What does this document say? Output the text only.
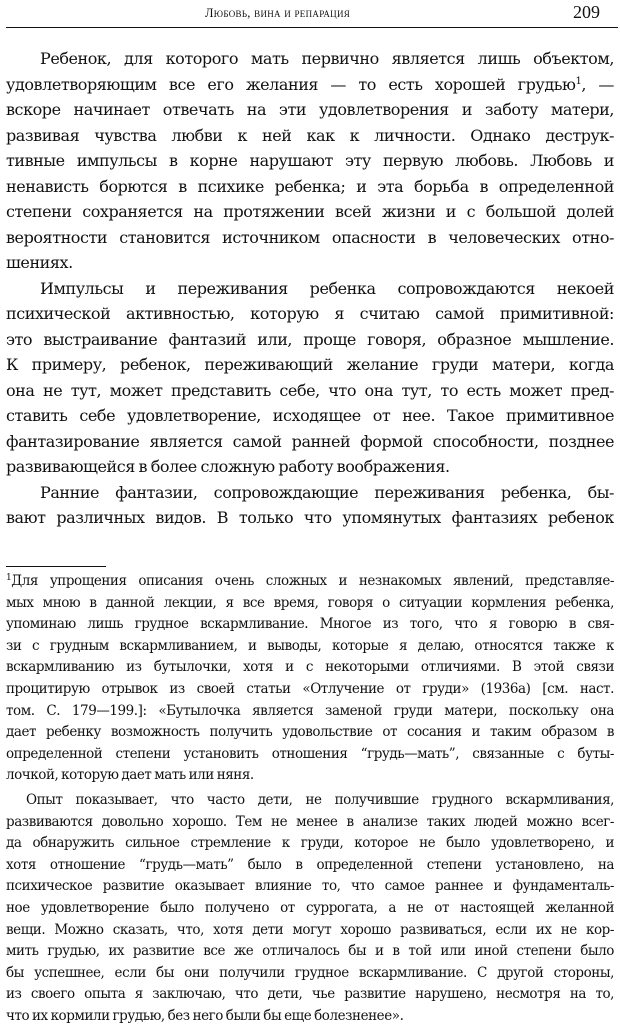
Любовь, вина и репарация	209
Ребенок, для которого мать первично является лишь объектом,
удовлетворяющим все его желания — то есть хорошей грудью$^1$, —
вскоре начинает отвечать на эти удовлетворения и заботу матери,
развивая чувства любви к ней как к личности. Однако деструк-
тивные импульсы в корне нарушают эту первую любовь. Любовь и
ненависть борются в психике ребенка; и эта борьба в определенной
степени сохраняется на протяжении всей жизни и с большой долей
вероятности становится источником опасности в человеческих отно-
шениях.
Импульсы и переживания ребенка сопровождаются некоей
психической активностью, которую я считаю самой примитивной:
это выстраивание фантазий или, проще говоря, образное мышление.
К примеру, ребенок, переживающий желание груди матери, когда
она не тут, может представить себе, что она тут, то есть может пред-
ставить себе удовлетворение, исходящее от нее. Такое примитивное
фантазирование является самой ранней формой способности, позднее
развивающейся в более сложную работу воображения.
Ранние фантазии, сопровождающие переживания ребенка, бы-
вают различных видов. В только что упомянутых фантазиях ребенок
$^1$Для упрощения описания очень сложных и незнакомых явлений, представляе-
мых мною в данной лекции, я все время, говоря о ситуации кормления ребенка,
упоминаю лишь грудное вскармливание. Многое из того, что я говорю в свя-
зи с грудным вскармливанием, и выводы, которые я делаю, относятся также к
вскармливанию из бутылочки, хотя и с некоторыми отличиями. В этой связи
процитирую отрывок из своей статьи «Отлучение от груди» (1936a) [см. наст.
том. С. 179—199.]: «Бутылочка является заменой груди матери, поскольку она
дает ребенку возможность получить удовольствие от сосания и таким образом в
определенной степени установить отношения “грудь—мать”, связанные с буты-
лочкой, которую дает мать или няня.
Опыт показывает, что часто дети, не получившие грудного вскармливания,
развиваются довольно хорошо. Тем не менее в анализе таких людей можно всег-
да обнаружить сильное стремление к груди, которое не было удовлетворено, и
хотя отношение “грудь—мать” было в определенной степени установлено, на
психическое развитие оказывает влияние то, что самое раннее и фундаменталь-
ное удовлетворение было получено от суррогата, а не от настоящей желанной
вещи. Можно сказать, что, хотя дети могут хорошо развиваться, если их не кор-
мить грудью, их развитие все же отличалось бы и в той или иной степени было
бы успешнее, если бы они получили грудное вскармливание. С другой стороны,
из своего опыта я заключаю, что дети, чье развитие нарушено, несмотря на то,
что их кормили грудью, без него были бы еще болезненее».
